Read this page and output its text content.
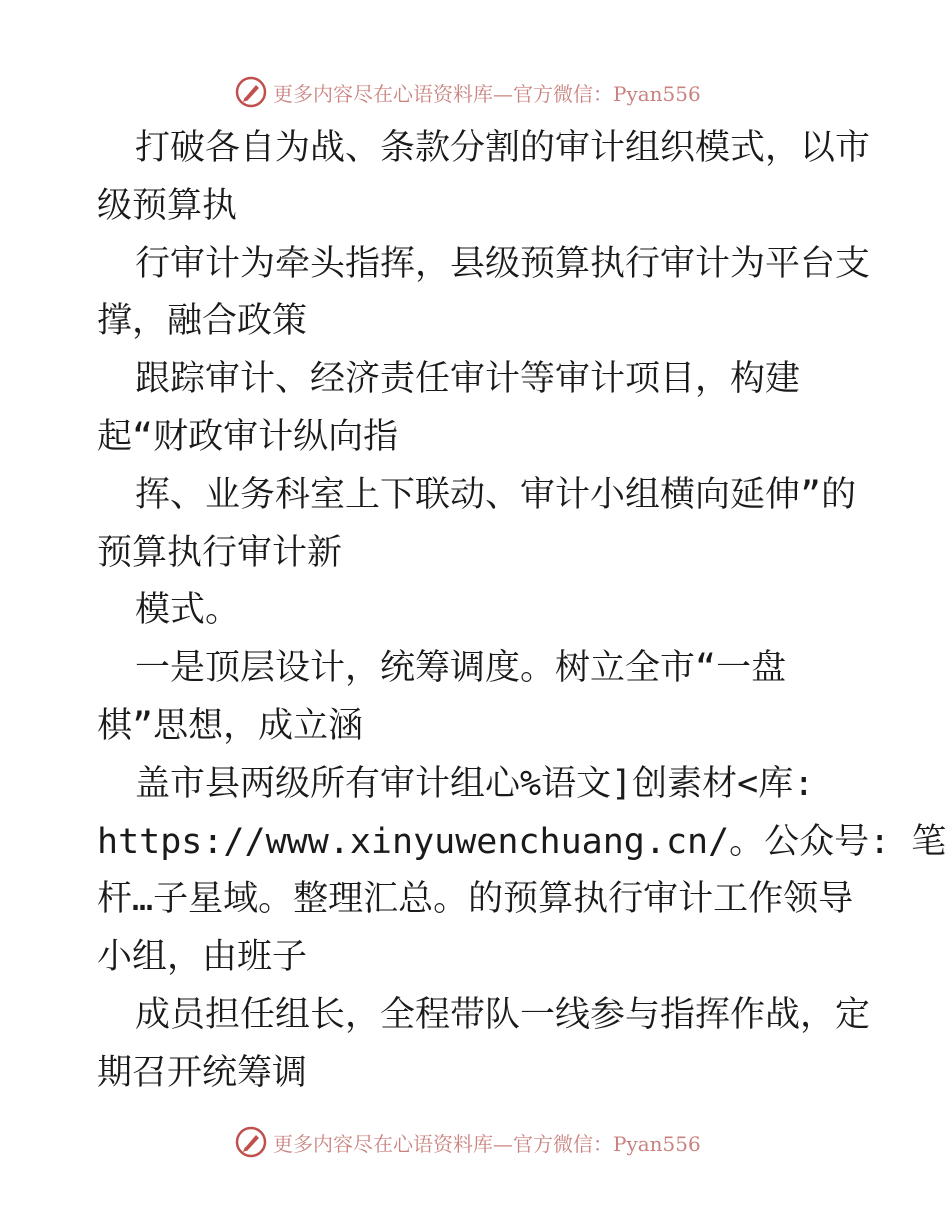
更多内容尽在心语资料库—官方微信：Pyan556
打破各自为战、条款分割的审计组织模式，以市
级预算执
行审计为牵头指挥，县级预算执行审计为平台支
撑，融合政策
跟踪审计、经济责任审计等审计项目，构建
起“财政审计纵向指
挥、业务科室上下联动、审计小组横向延伸”的
预算执行审计新
模式。
一是顶层设计，统筹调度。树立全市“一盘
棋”思想，成立涵
盖市县两级所有审计组心%语文]创素材<库:
https://www.xinyuwenchuang.cn/。公众号: 笔
杆…子星域。整理汇总。的预算执行审计工作领导
小组，由班子
成员担任组长，全程带队一线参与指挥作战，定
期召开统筹调
更多内容尽在心语资料库—官方微信：Pyan556
